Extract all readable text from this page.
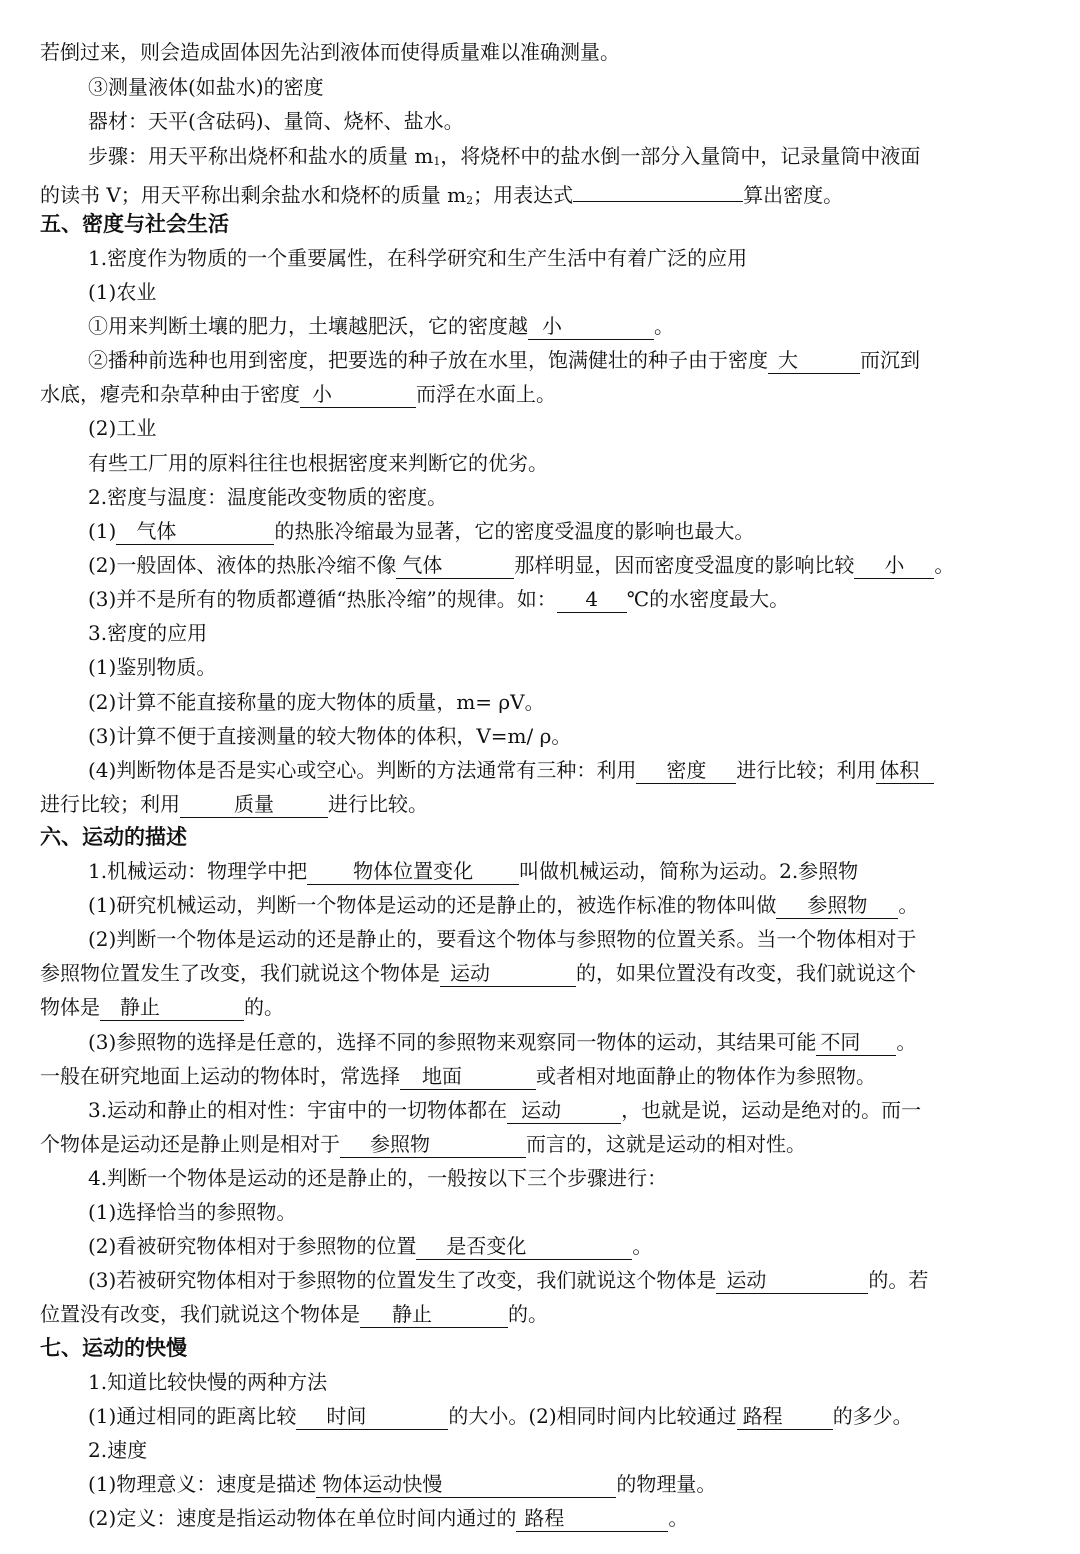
若倒过来，则会造成固体因先沾到液体而使得质量难以准确测量。
③测量液体(如盐水)的密度
器材：天平(含砝码)、量筒、烧杯、盐水。
步骤：用天平称出烧杯和盐水的质量 $m_1$，将烧杯中的盐水倒一部分入量筒中，记录量筒中液面
的读书 V；用天平称出剩余盐水和烧杯的质量 $m_2$；用表达式	算出密度。
五、密度与社会生活
1.密度作为物质的一个重要属性，在科学研究和生产生活中有着广泛的应用
(1)农业
①用来判断土壤的肥力，土壤越肥沃，它的密度越 小	。
②播种前选种也用到密度，把要选的种子放在水里，饱满健壮的种子由于密度 大	而沉到
水底，瘪壳和杂草种由于密度 小	而浮在水面上。
(2)工业
有些工厂用的原料往往也根据密度来判断它的优劣。
2.密度与温度：温度能改变物质的密度。
(1) 气体	的热胀冷缩最为显著，它的密度受温度的影响也最大。
(2)一般固体、液体的热胀冷缩不像 气体	那样明显，因而密度受温度的影响比较 小 。
(3)并不是所有的物质都遵循“热胀冷缩”的规律。如： 4 ℃的水密度最大。
3.密度的应用
(1)鉴别物质。
(2)计算不能直接称量的庞大物体的质量，m= ρV。
(3)计算不便于直接测量的较大物体的体积，V=m/ ρ。
(4)判断物体是否是实心或空心。判断的方法通常有三种：利用 密度 进行比较；利用 体积
进行比较；利用	质量	进行比较。
六、运动的描述
1.机械运动：物理学中把 物体位置变化 叫做机械运动，简称为运动。2.参照物
(1)研究机械运动，判断一个物体是运动的还是静止的，被选作标准的物体叫做 参照物 。
(2)判断一个物体是运动的还是静止的，要看这个物体与参照物的位置关系。当一个物体相对于
参照物位置发生了改变，我们就说这个物体是 运动	的，如果位置没有改变，我们就说这个
物体是 静止	的。
(3)参照物的选择是任意的，选择不同的参照物来观察同一物体的运动，其结果可能 不同 。
一般在研究地面上运动的物体时，常选择 地面	或者相对地面静止的物体作为参照物。
3.运动和静止的相对性：宇宙中的一切物体都在 运动	，也就是说，运动是绝对的。而一
个物体是运动还是静止则是相对于 参照物	而言的，这就是运动的相对性。
4.判断一个物体是运动的还是静止的，一般按以下三个步骤进行：
(1)选择恰当的参照物。
(2)看被研究物体相对于参照物的位置 是否变化	。
(3)若被研究物体相对于参照物的位置发生了改变，我们就说这个物体是 运动	的。若
位置没有改变，我们就说这个物体是 静止	的。
七、运动的快慢
1.知道比较快慢的两种方法
(1)通过相同的距离比较 时间	的大小。(2)相同时间内比较通过 路程	的多少。
2.速度
(1)物理意义：速度是描述 物体运动快慢	的物理量。
(2)定义：速度是指运动物体在单位时间内通过的 路程	。
